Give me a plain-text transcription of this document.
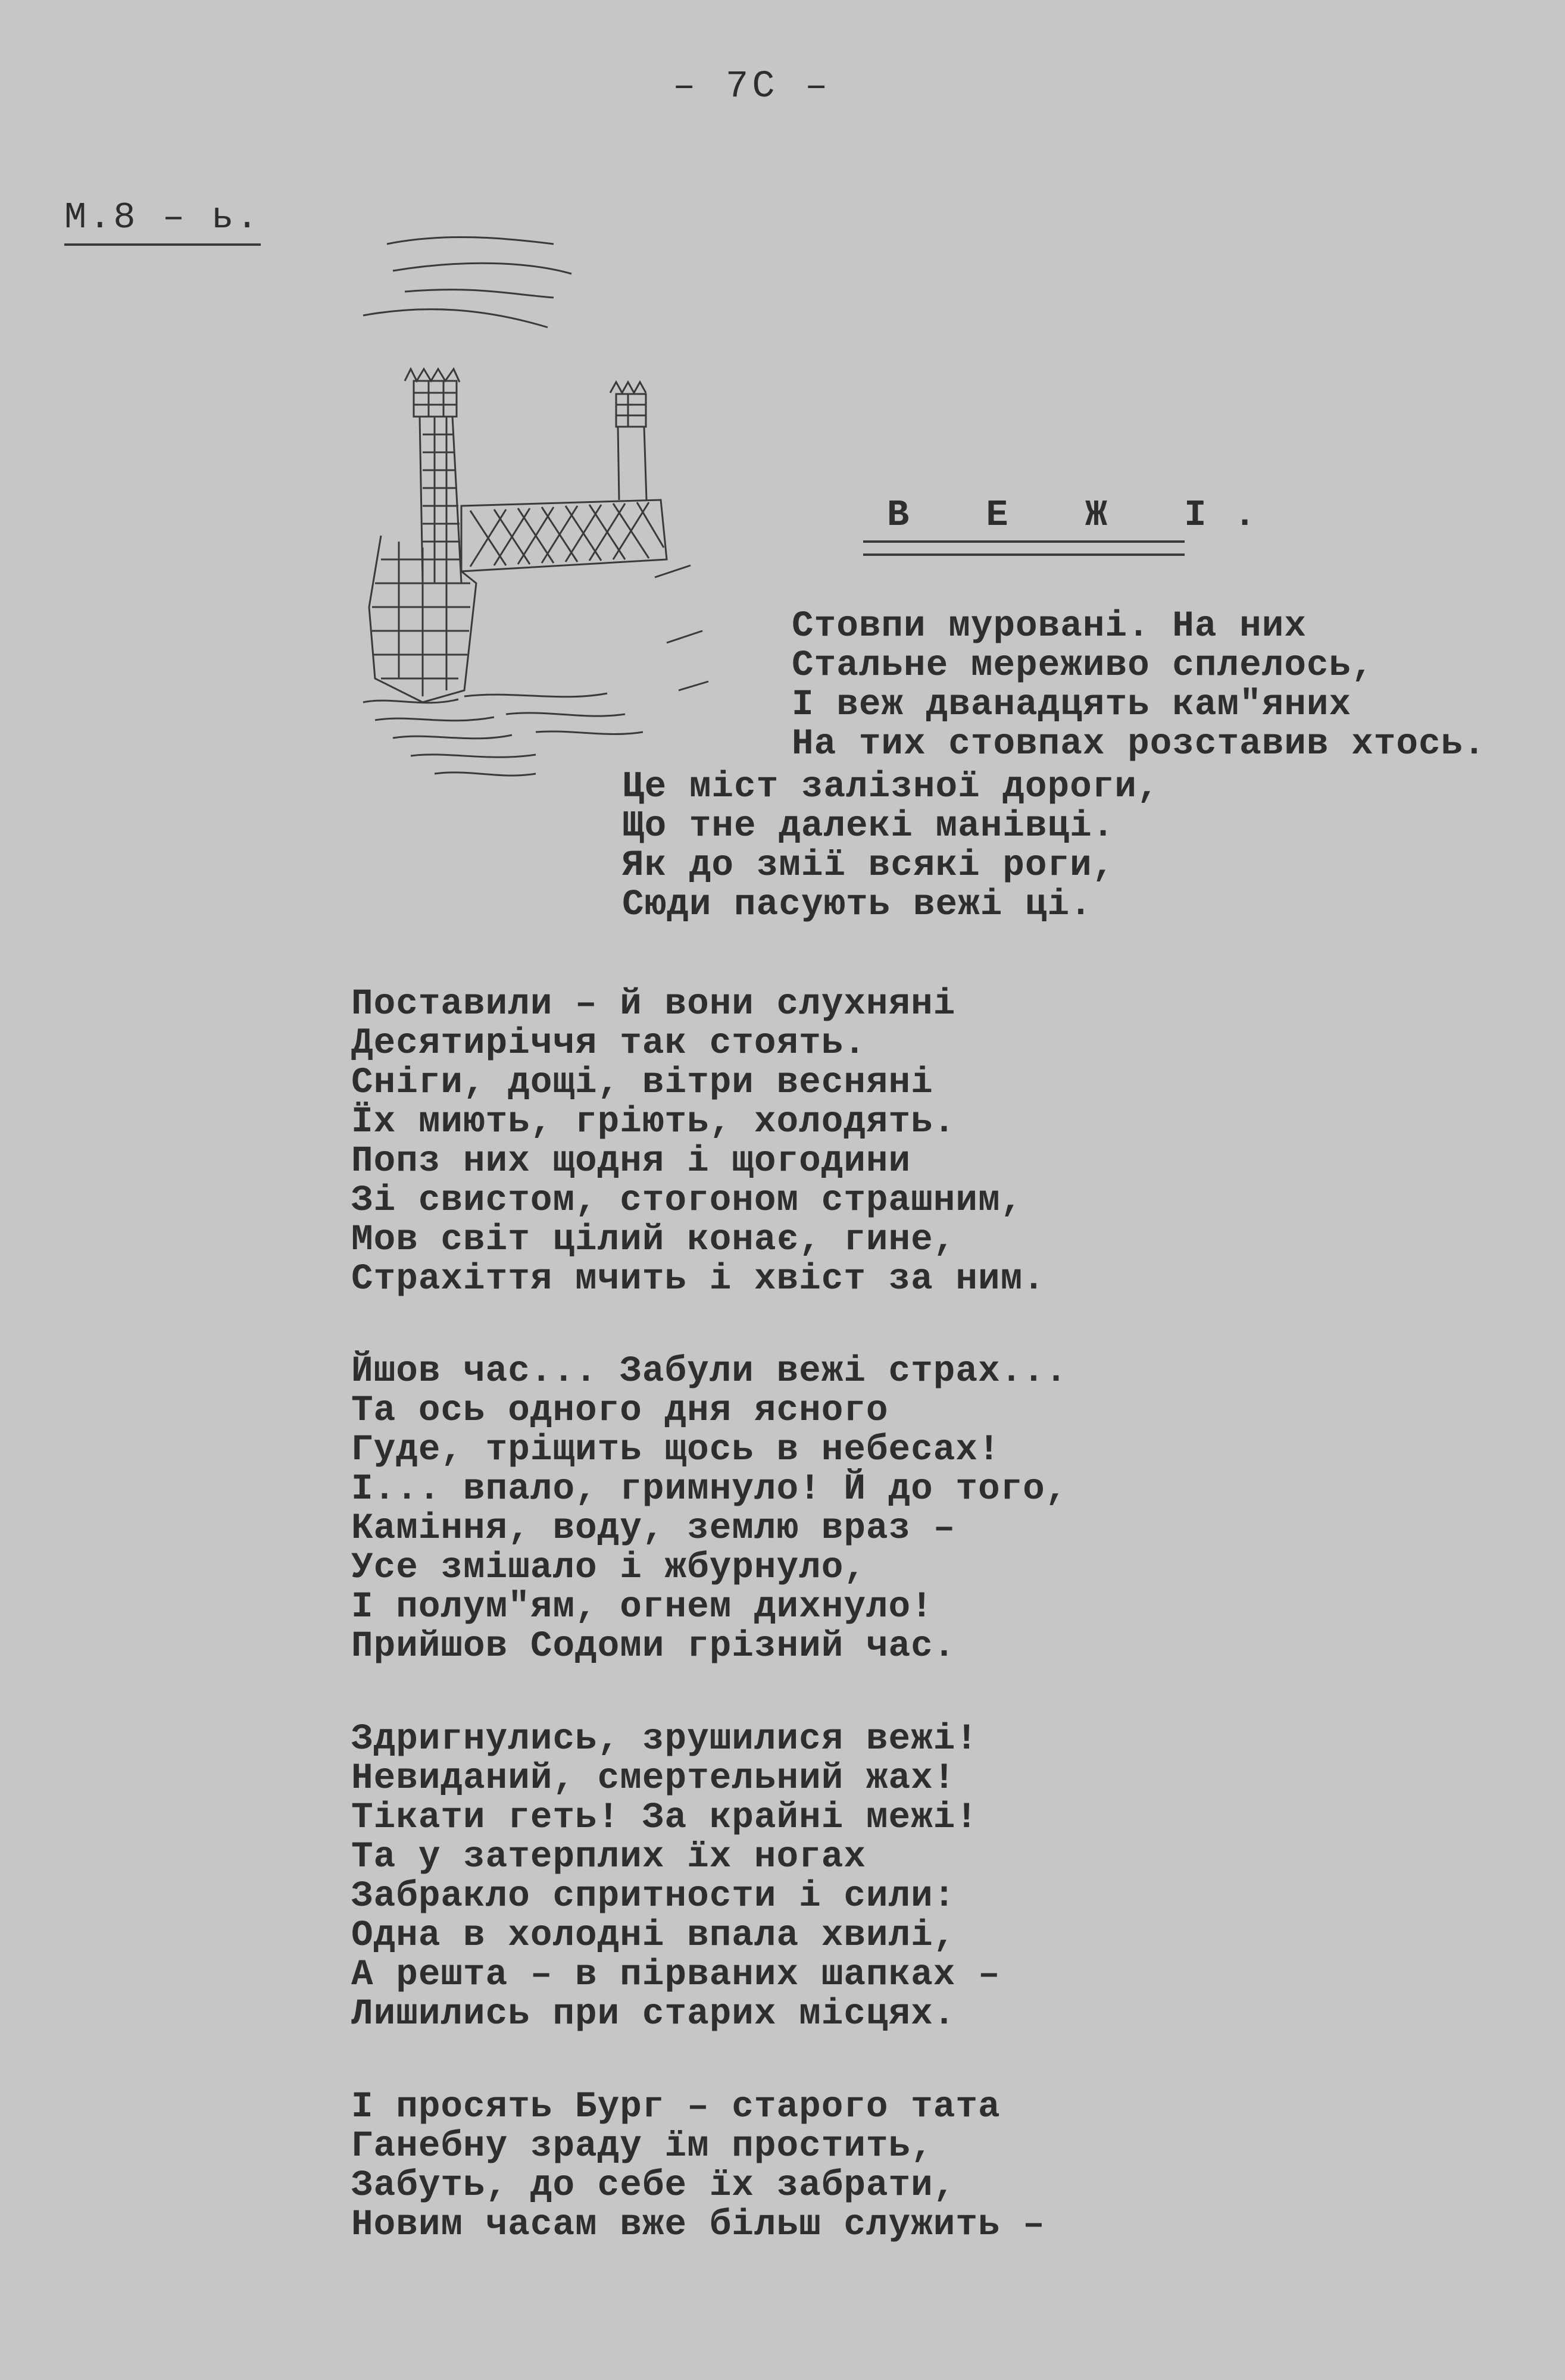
– 7С –
М.8 – ь.
В Е Ж І.
Стовпи муровані. На них
Стальне мереживо сплелось,
І веж дванадцять кам"яних
На тих стовпах розставив хтось.
Це міст залізної дороги,
Що тне далекі манівці.
Як до змії всякі роги,
Сюди пасують вежі ці.
Поставили – й вони слухняні
Десятиріччя так стоять.
Сніги, дощі, вітри весняні
Їх миють, гріють, холодять.
Попз них щодня і щогодини
Зі свистом, стогоном страшним,
Мов світ цілий конає, гине,
Страхіття мчить і хвіст за ним.
Йшов час... Забули вежі страх...
Та ось одного дня ясного
Гуде, тріщить щось в небесах!
І... впало, гримнуло! Й до того,
Каміння, воду, землю враз –
Усе змішало і жбурнуло,
І полум"ям, огнем дихнуло!
Прийшов Содоми грізний час.
Здригнулись, зрушилися вежі!
Невиданий, смертельний жах!
Тікати геть! За крайні межі!
Та у затерплих їх ногах
Забракло спритности і сили:
Одна в холодні впала хвилі,
А решта – в пірваних шапках –
Лишились при старих місцях.
І просять Бург – старого тата
Ганебну зраду їм простить,
Забуть, до себе їх забрати,
Новим часам вже більш служить –
